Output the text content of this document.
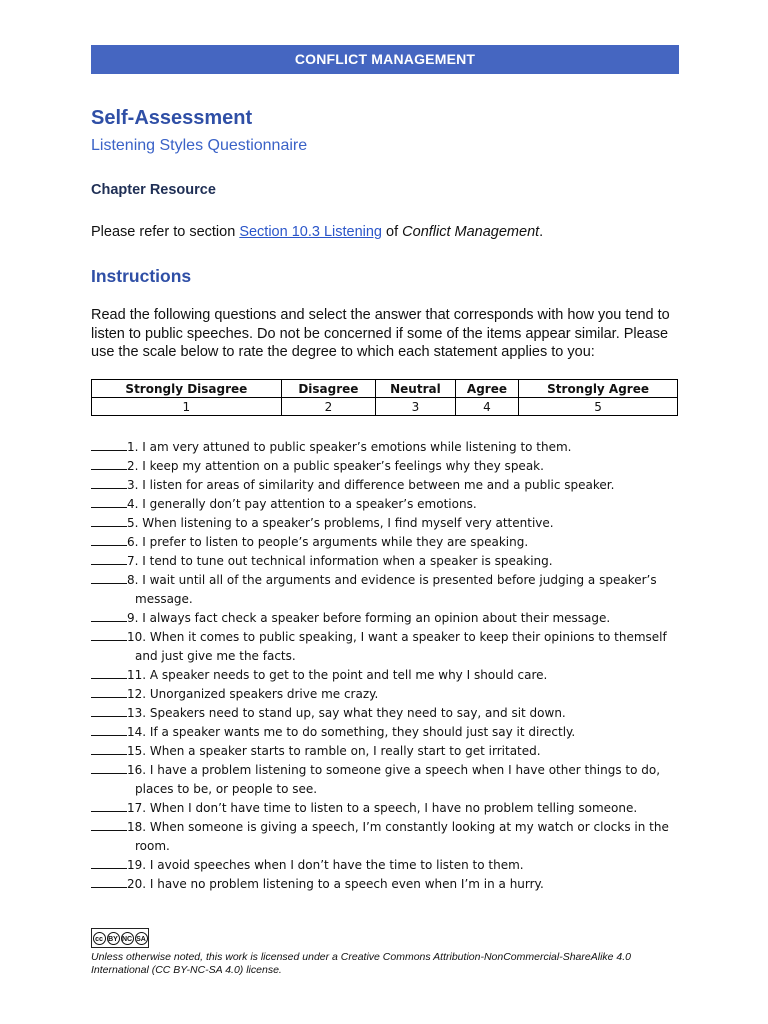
CONFLICT MANAGEMENT
Self-Assessment
Listening Styles Questionnaire
Chapter Resource
Please refer to section Section 10.3 Listening of Conflict Management.
Instructions
Read the following questions and select the answer that corresponds with how you tend to listen to public speeches. Do not be concerned if some of the items appear similar. Please use the scale below to rate the degree to which each statement applies to you:
Strongly Disagree	Disagree	Neutral	Agree	Strongly Agree
1	2	3	4	5
1. I am very attuned to public speaker’s emotions while listening to them.
2. I keep my attention on a public speaker’s feelings why they speak.
3. I listen for areas of similarity and difference between me and a public speaker.
4. I generally don’t pay attention to a speaker’s emotions.
5. When listening to a speaker’s problems, I find myself very attentive.
6. I prefer to listen to people’s arguments while they are speaking.
7. I tend to tune out technical information when a speaker is speaking.
8. I wait until all of the arguments and evidence is presented before judging a speaker’s
message.
9. I always fact check a speaker before forming an opinion about their message.
10. When it comes to public speaking, I want a speaker to keep their opinions to themself
and just give me the facts.
11. A speaker needs to get to the point and tell me why I should care.
12. Unorganized speakers drive me crazy.
13. Speakers need to stand up, say what they need to say, and sit down.
14. If a speaker wants me to do something, they should just say it directly.
15. When a speaker starts to ramble on, I really start to get irritated.
16. I have a problem listening to someone give a speech when I have other things to do,
places to be, or people to see.
17. When I don’t have time to listen to a speech, I have no problem telling someone.
18. When someone is giving a speech, I’m constantly looking at my watch or clocks in the
room.
19. I avoid speeches when I don’t have the time to listen to them.
20. I have no problem listening to a speech even when I’m in a hurry.
cc BY NC SA
Unless otherwise noted, this work is licensed under a Creative Commons Attribution-NonCommercial-ShareAlike 4.0 International (CC BY-NC-SA 4.0) license.
